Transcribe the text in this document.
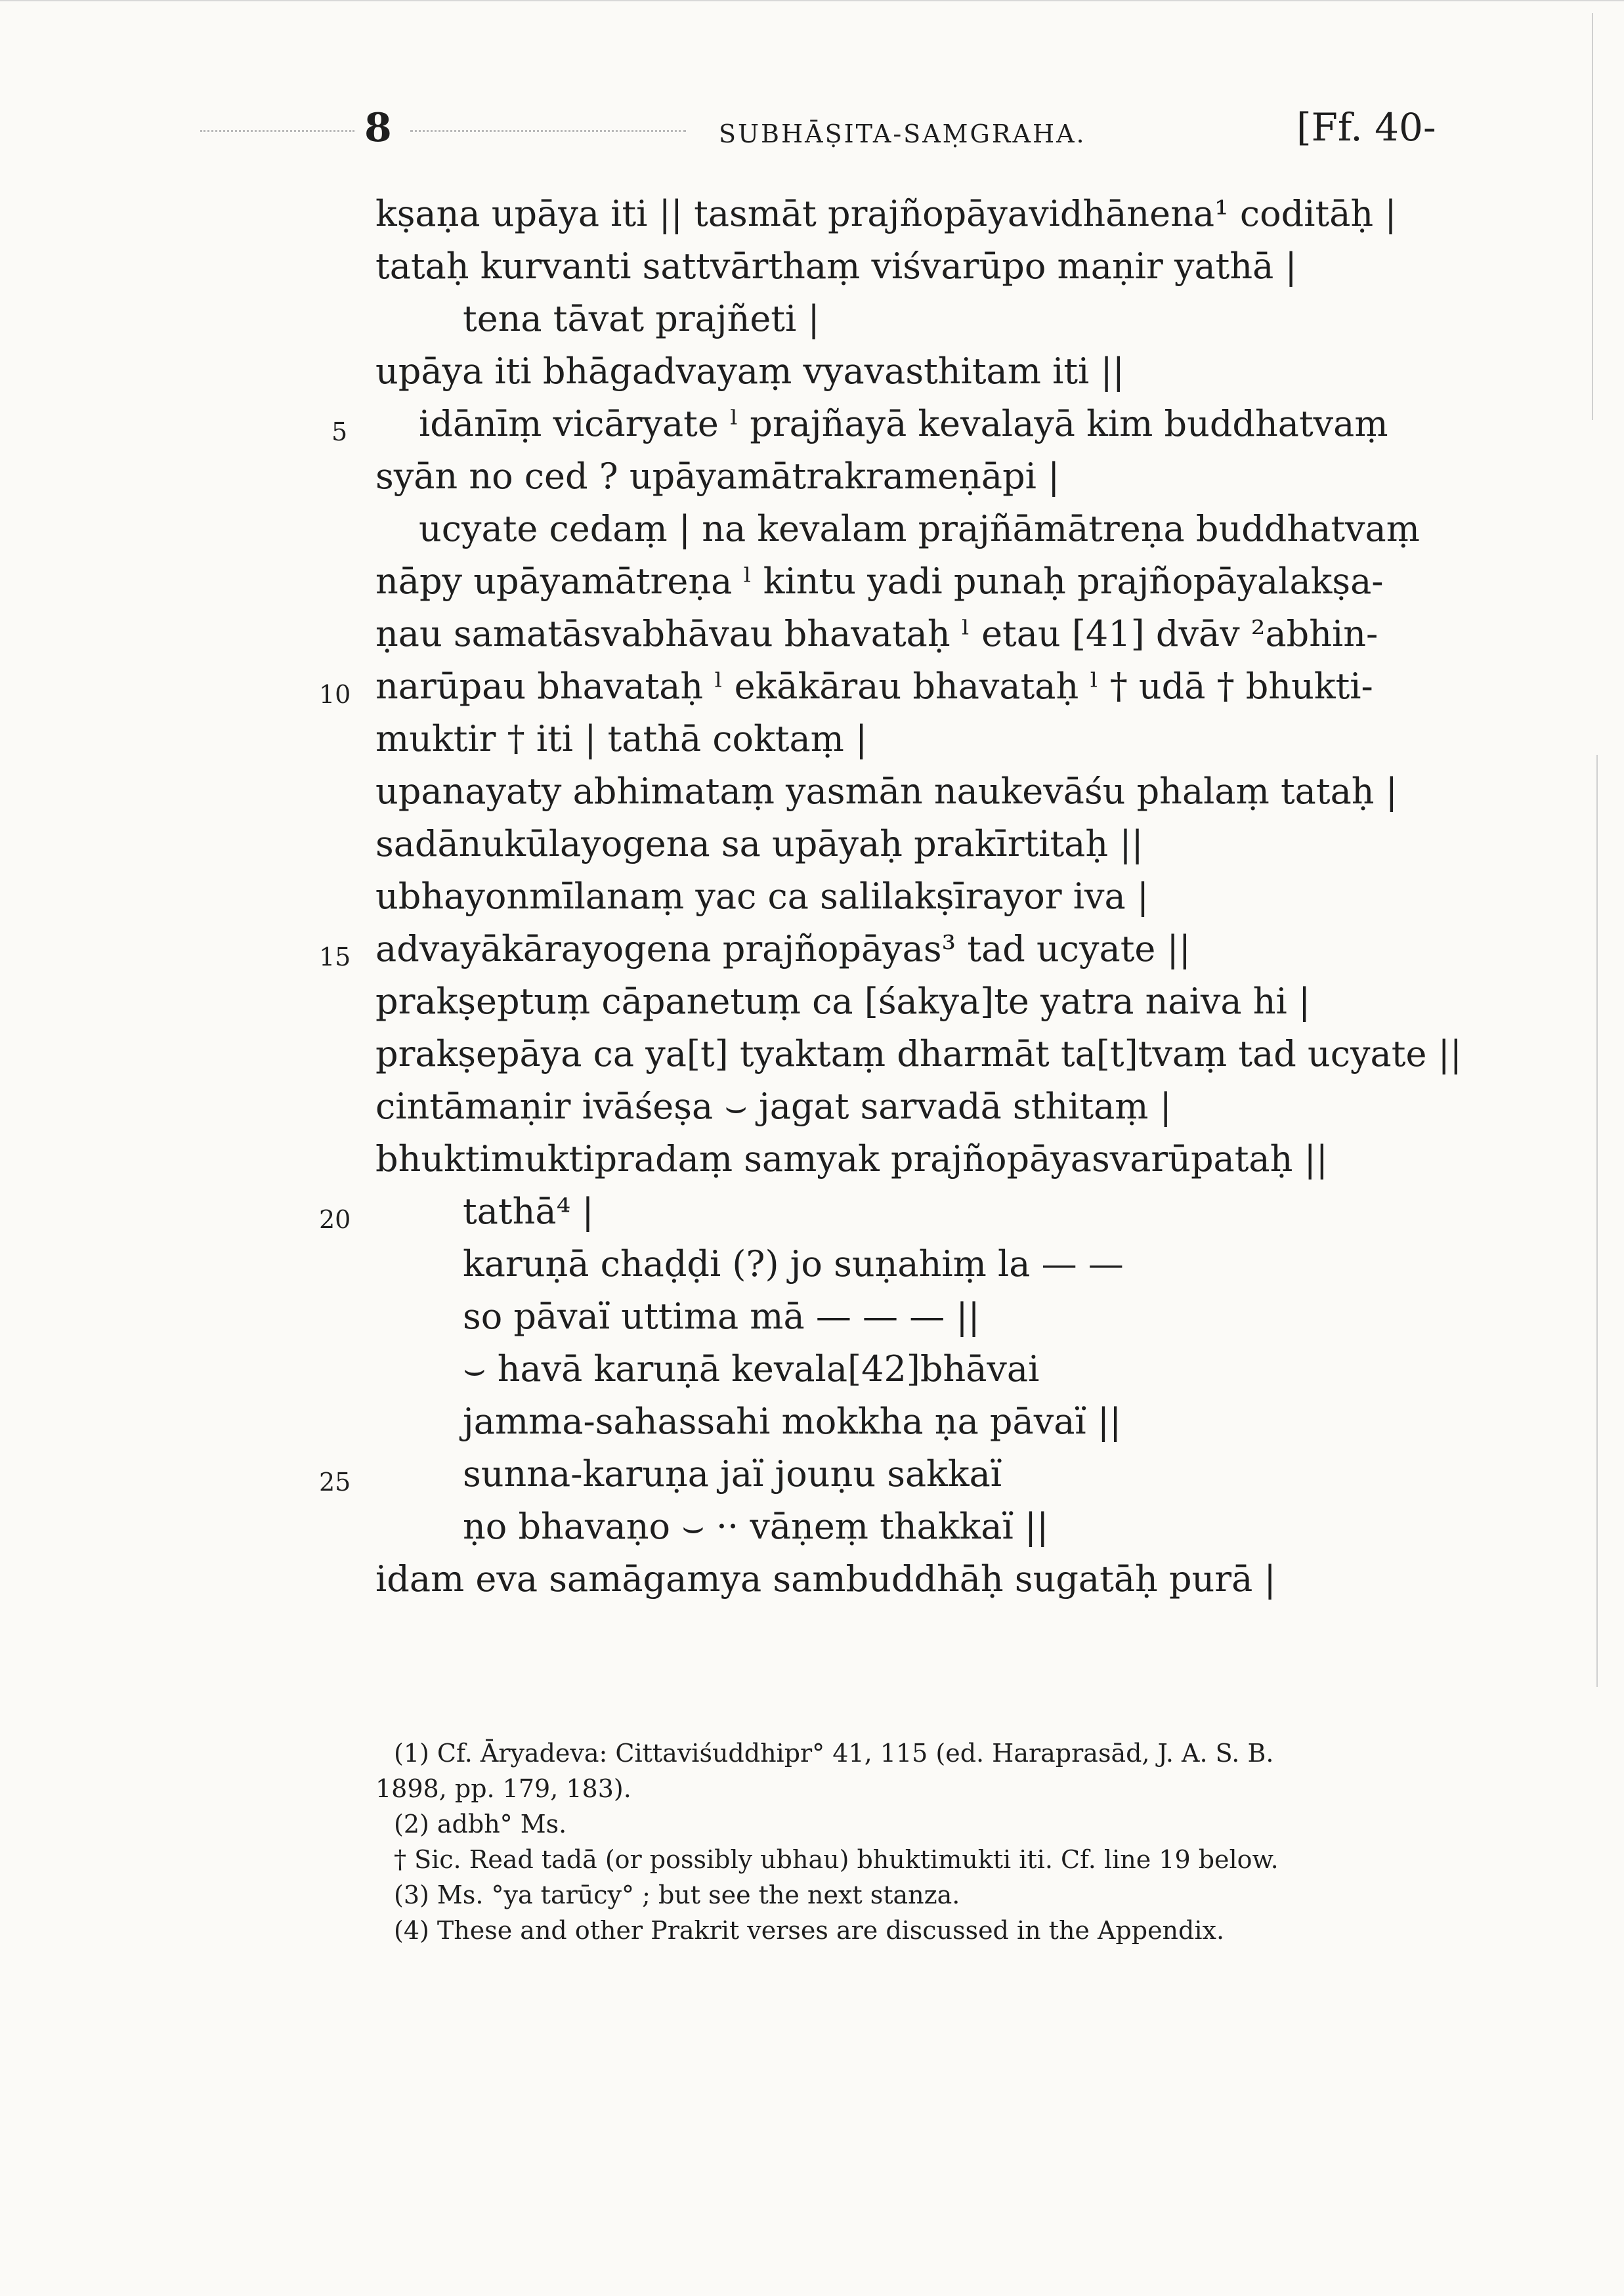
8	SUBHĀṢITA-SAṂGRAHA.	[Ff. 40-
kṣaṇa upāya iti || tasmāt prajñopāyavidhānena¹ coditāḥ |
tataḥ kurvanti sattvārthaṃ viśvarūpo maṇir yathā |
tena tāvat prajñeti |
upāya iti bhāgadvayaṃ vyavasthitam iti ||
idānīṃ vicāryate ˡ prajñayā kevalayā kim buddhatvaṃ
syān no ced ? upāyamātrakrameṇāpi |
ucyate cedaṃ | na kevalam prajñāmātreṇa buddhatvaṃ
nāpy upāyamātreṇa ˡ kintu yadi punaḥ prajñopāyalakṣa-
ṇau samatāsvabhāvau bhavataḥ ˡ etau [41] dvāv ²abhin-
narūpau bhavataḥ ˡ ekākārau bhavataḥ ˡ † udā † bhukti-
muktir † iti | tathā coktaṃ |
upanayaty abhimataṃ yasmān naukevāśu phalaṃ tataḥ |
sadānukūlayogena sa upāyaḥ prakīrtitaḥ ||
ubhayonmīlanaṃ yac ca salilakṣīrayor iva |
advayākārayogena prajñopāyas³ tad ucyate ||
prakṣeptuṃ cāpanetuṃ ca [śakya]te yatra naiva hi |
prakṣepāya ca ya[t] tyaktaṃ dharmāt ta[t]tvaṃ tad ucyate ||
cintāmaṇir ivāśeṣa ⌣ jagat sarvadā sthitaṃ |
bhuktimuktipradaṃ samyak prajñopāyasvarūpataḥ ||
tathā⁴ |
karuṇā chaḍḍi (?) jo suṇahiṃ la — —
so pāvaï uttima mā — — — ||
⌣ havā karuṇā kevala[42]bhāvai
jamma-sahassahi mokkha ṇa pāvaï ||
sunna-karuṇa jaï jouṇu sakkaï
ṇo bhavaṇo ⌣ ·· vāṇeṃ thakkaï ||
idam eva samāgamya sambuddhāḥ sugatāḥ purā |
5
10
15
20
25
(1) Cf. Āryadeva: Cittaviśuddhipr° 41, 115 (ed. Haraprasād, J. A. S. B.
1898, pp. 179, 183).
(2) adbh° Ms.
† Sic. Read tadā (or possibly ubhau) bhuktimukti iti. Cf. line 19 below.
(3) Ms. °ya tarūcy° ; but see the next stanza.
(4) These and other Prakrit verses are discussed in the Appendix.
